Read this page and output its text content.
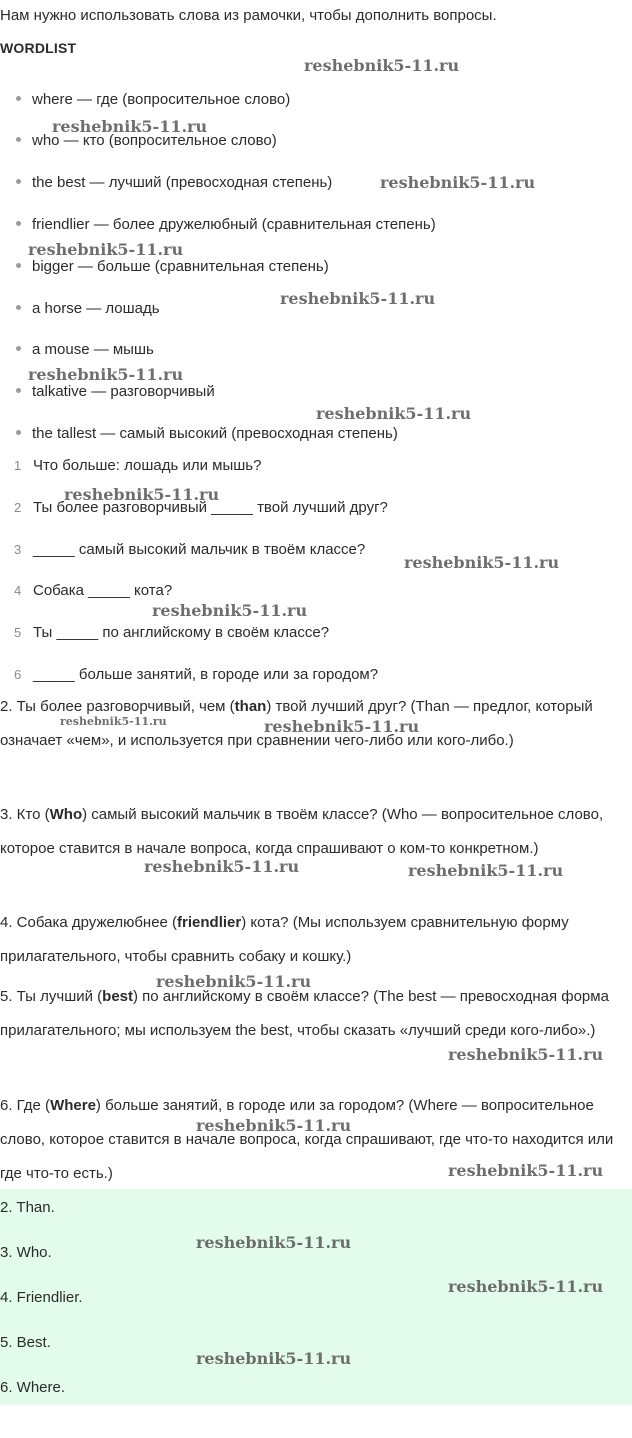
Нам нужно использовать слова из рамочки, чтобы дополнить вопросы.
WORDLIST
where — где (вопросительное слово)
who — кто (вопросительное слово)
the best — лучший (превосходная степень)
friendlier — более дружелюбный (сравнительная степень)
bigger — больше (сравнительная степень)
a horse — лошадь
a mouse — мышь
talkative — разговорчивый
the tallest — самый высокий (превосходная степень)
1 Что больше: лошадь или мышь?
2 Ты более разговорчивый _____ твой лучший друг?
3 _____ самый высокий мальчик в твоём классе?
4 Собака _____ кота?
5 Ты _____ по английскому в своём классе?
6 _____ больше занятий, в городе или за городом?
2. Ты более разговорчивый, чем (than) твой лучший друг? (Than — предлог, который означает «чем», и используется при сравнении чего-либо или кого-либо.)
3. Кто (Who) самый высокий мальчик в твоём классе? (Who — вопросительное слово, которое ставится в начале вопроса, когда спрашивают о ком-то конкретном.)
4. Собака дружелюбнее (friendlier) кота? (Мы используем сравнительную форму прилагательного, чтобы сравнить собаку и кошку.)
5. Ты лучший (best) по английскому в своём классе? (The best — превосходная форма прилагательного; мы используем the best, чтобы сказать «лучший среди кого-либо».)
6. Где (Where) больше занятий, в городе или за городом? (Where — вопросительное слово, которое ставится в начале вопроса, когда спрашивают, где что-то находится или где что-то есть.)
2. Than.
3. Who.
4. Friendlier.
5. Best.
6. Where.
reshebnik5-11.ru
reshebnik5-11.ru
reshebnik5-11.ru
reshebnik5-11.ru
reshebnik5-11.ru
reshebnik5-11.ru
reshebnik5-11.ru
reshebnik5-11.ru
reshebnik5-11.ru
reshebnik5-11.ru
reshebnik5-11.ru	reshebnik5-11.ru
reshebnik5-11.ru	reshebnik5-11.ru
reshebnik5-11.ru
reshebnik5-11.ru
reshebnik5-11.ru
reshebnik5-11.ru
reshebnik5-11.ru
reshebnik5-11.ru
reshebnik5-11.ru
